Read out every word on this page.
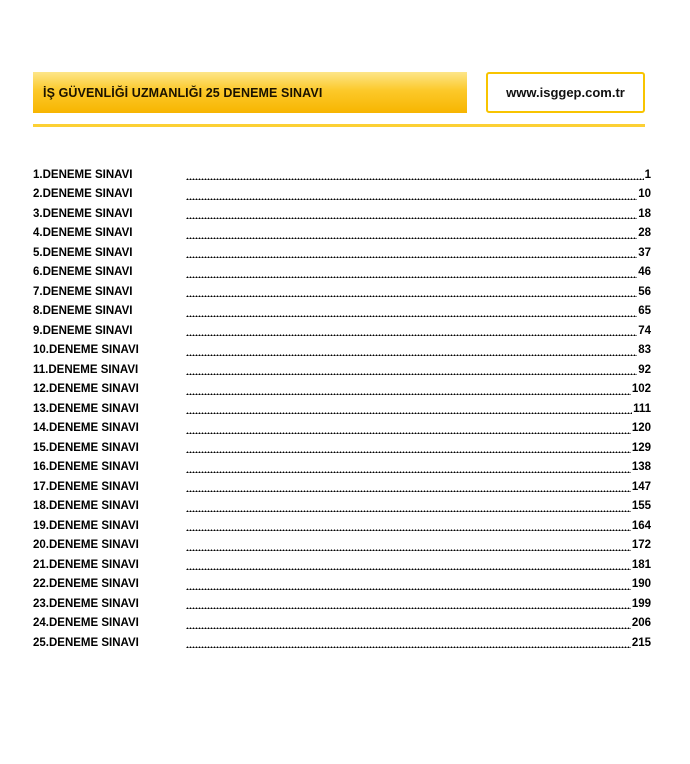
İŞ GÜVENLİĞİ UZMANLIĞI 25 DENEME SINAVI	www.isggep.com.tr
1.DENEME SINAVI	1
2.DENEME SINAVI	10
3.DENEME SINAVI	18
4.DENEME SINAVI	28
5.DENEME SINAVI	37
6.DENEME SINAVI	46
7.DENEME SINAVI	56
8.DENEME SINAVI	65
9.DENEME SINAVI	74
10.DENEME SINAVI	83
11.DENEME SINAVI	92
12.DENEME SINAVI	102
13.DENEME SINAVI	111
14.DENEME SINAVI	120
15.DENEME SINAVI	129
16.DENEME SINAVI	138
17.DENEME SINAVI	147
18.DENEME SINAVI	155
19.DENEME SINAVI	164
20.DENEME SINAVI	172
21.DENEME SINAVI	181
22.DENEME SINAVI	190
23.DENEME SINAVI	199
24.DENEME SINAVI	206
25.DENEME SINAVI	215
